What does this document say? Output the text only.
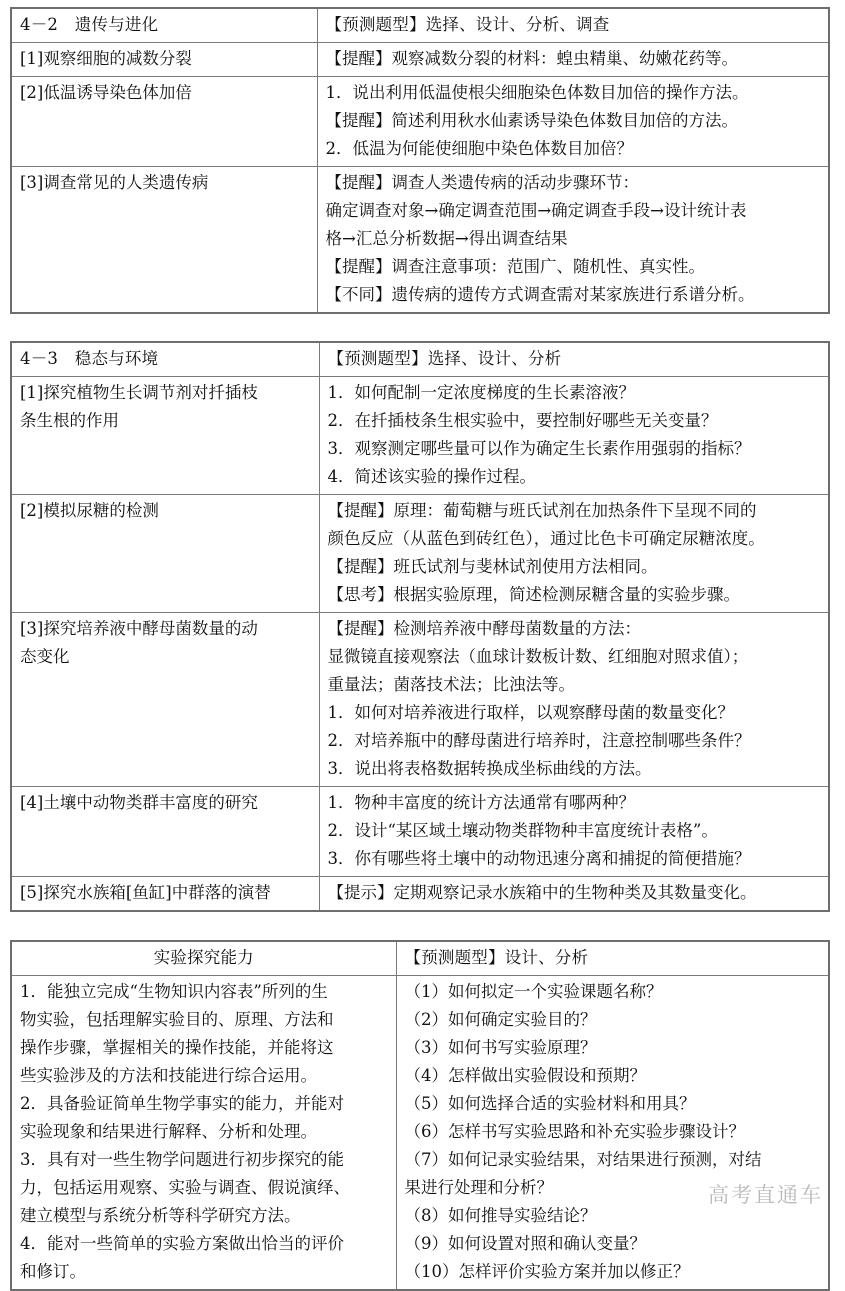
4－2　遗传与进化	【预测题型】选择、设计、分析、调查

[1]观察细胞的减数分裂	【提醒】观察减数分裂的材料：蝗虫精巢、幼嫩花药等。

[2]低温诱导染色体加倍	1．说出利用低温使根尖细胞染色体数目加倍的操作方法。
【提醒】简述利用秋水仙素诱导染色体数目加倍的方法。
2．低温为何能使细胞中染色体数目加倍？

[3]调查常见的人类遗传病	【提醒】调查人类遗传病的活动步骤环节：
确定调查对象→确定调查范围→确定调查手段→设计统计表
格→汇总分析数据→得出调查结果
【提醒】调查注意事项：范围广、随机性、真实性。
【不同】遗传病的遗传方式调查需对某家族进行系谱分析。
4－3　稳态与环境	【预测题型】选择、设计、分析

[1]探究植物生长调节剂对扦插枝
条生根的作用	1．如何配制一定浓度梯度的生长素溶液？
2．在扦插枝条生根实验中，要控制好哪些无关变量？
3．观察测定哪些量可以作为确定生长素作用强弱的指标？
4．简述该实验的操作过程。

[2]模拟尿糖的检测	【提醒】原理：葡萄糖与班氏试剂在加热条件下呈现不同的
颜色反应（从蓝色到砖红色），通过比色卡可确定尿糖浓度。
【提醒】班氏试剂与斐林试剂使用方法相同。
【思考】根据实验原理，简述检测尿糖含量的实验步骤。

[3]探究培养液中酵母菌数量的动
态变化

【提醒】检测培养液中酵母菌数量的方法：
显微镜直接观察法（血球计数板计数、红细胞对照求值）；
重量法；菌落技术法；比浊法等。
1．如何对培养液进行取样，以观察酵母菌的数量变化？
2．对培养瓶中的酵母菌进行培养时，注意控制哪些条件？
3．说出将表格数据转换成坐标曲线的方法。

[4]土壤中动物类群丰富度的研究	1．物种丰富度的统计方法通常有哪两种？
2．设计“某区域土壤动物类群物种丰富度统计表格”。
3．你有哪些将土壤中的动物迅速分离和捕捉的简便措施？

[5]探究水族箱[鱼缸]中群落的演替	【提示】定期观察记录水族箱中的生物种类及其数量变化。
实验探究能力	【预测题型】设计、分析

1．能独立完成“生物知识内容表”所列的生
物实验，包括理解实验目的、原理、方法和
操作步骤，掌握相关的操作技能，并能将这
些实验涉及的方法和技能进行综合运用。
2．具备验证简单生物学事实的能力，并能对
实验现象和结果进行解释、分析和处理。
3．具有对一些生物学问题进行初步探究的能
力，包括运用观察、实验与调查、假说演绎、
建立模型与系统分析等科学研究方法。
4．能对一些简单的实验方案做出恰当的评价
和修订。

（1）如何拟定一个实验课题名称？
（2）如何确定实验目的？
（3）如何书写实验原理？
（4）怎样做出实验假设和预期？
（5）如何选择合适的实验材料和用具？
（6）怎样书写实验思路和补充实验步骤设计？
（7）如何记录实验结果，对结果进行预测，对结
果进行处理和分析？
（8）如何推导实验结论？
（9）如何设置对照和确认变量？
（10）怎样评价实验方案并加以修正？
高考直通车
